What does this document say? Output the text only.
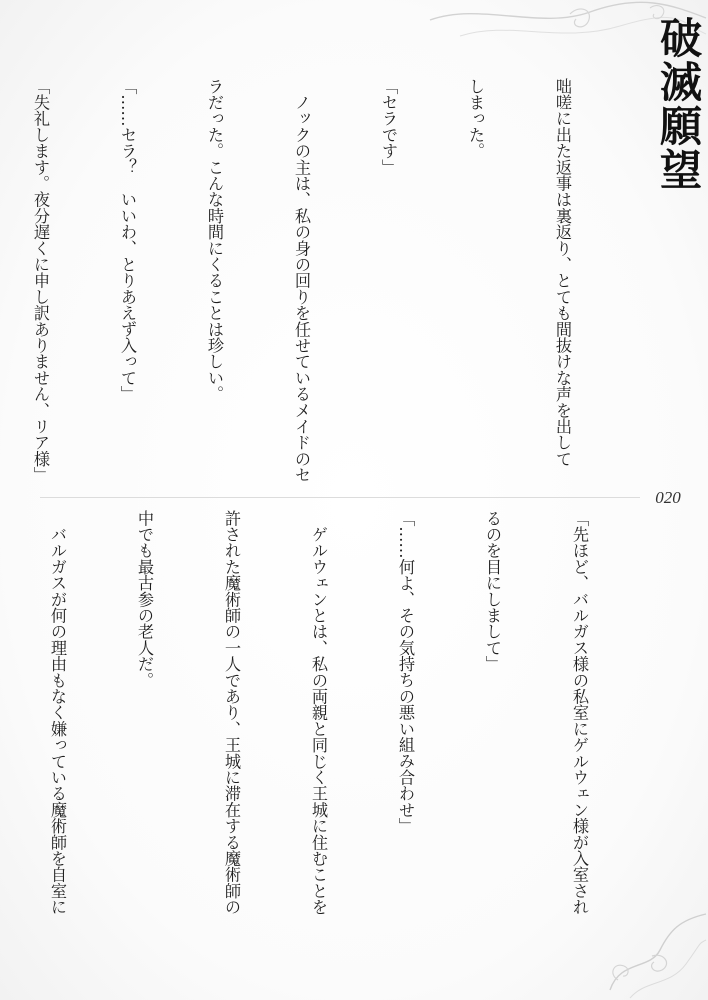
破滅願望
020

咄嗟に出た返事は裏返り、とても間抜けな声を出して

しまった。

「セラです」

　ノックの主は、私の身の回りを任せているメイドのセ

ラだった。こんな時間にくることは珍しい。

「……セラ？　いいわ、とりあえず入って」

「失礼します。夜分遅くに申し訳ありません、リア様」

「先ほど、バルガス様の私室にゲルウェン様が入室され

るのを目にしまして」

「……何よ、その気持ちの悪い組み合わせ」

　ゲルウェンとは、私の両親と同じく王城に住むことを

許された魔術師の一人であり、王城に滞在する魔術師の

中でも最古参の老人だ。

　バルガスが何の理由もなく嫌っている魔術師を自室に
